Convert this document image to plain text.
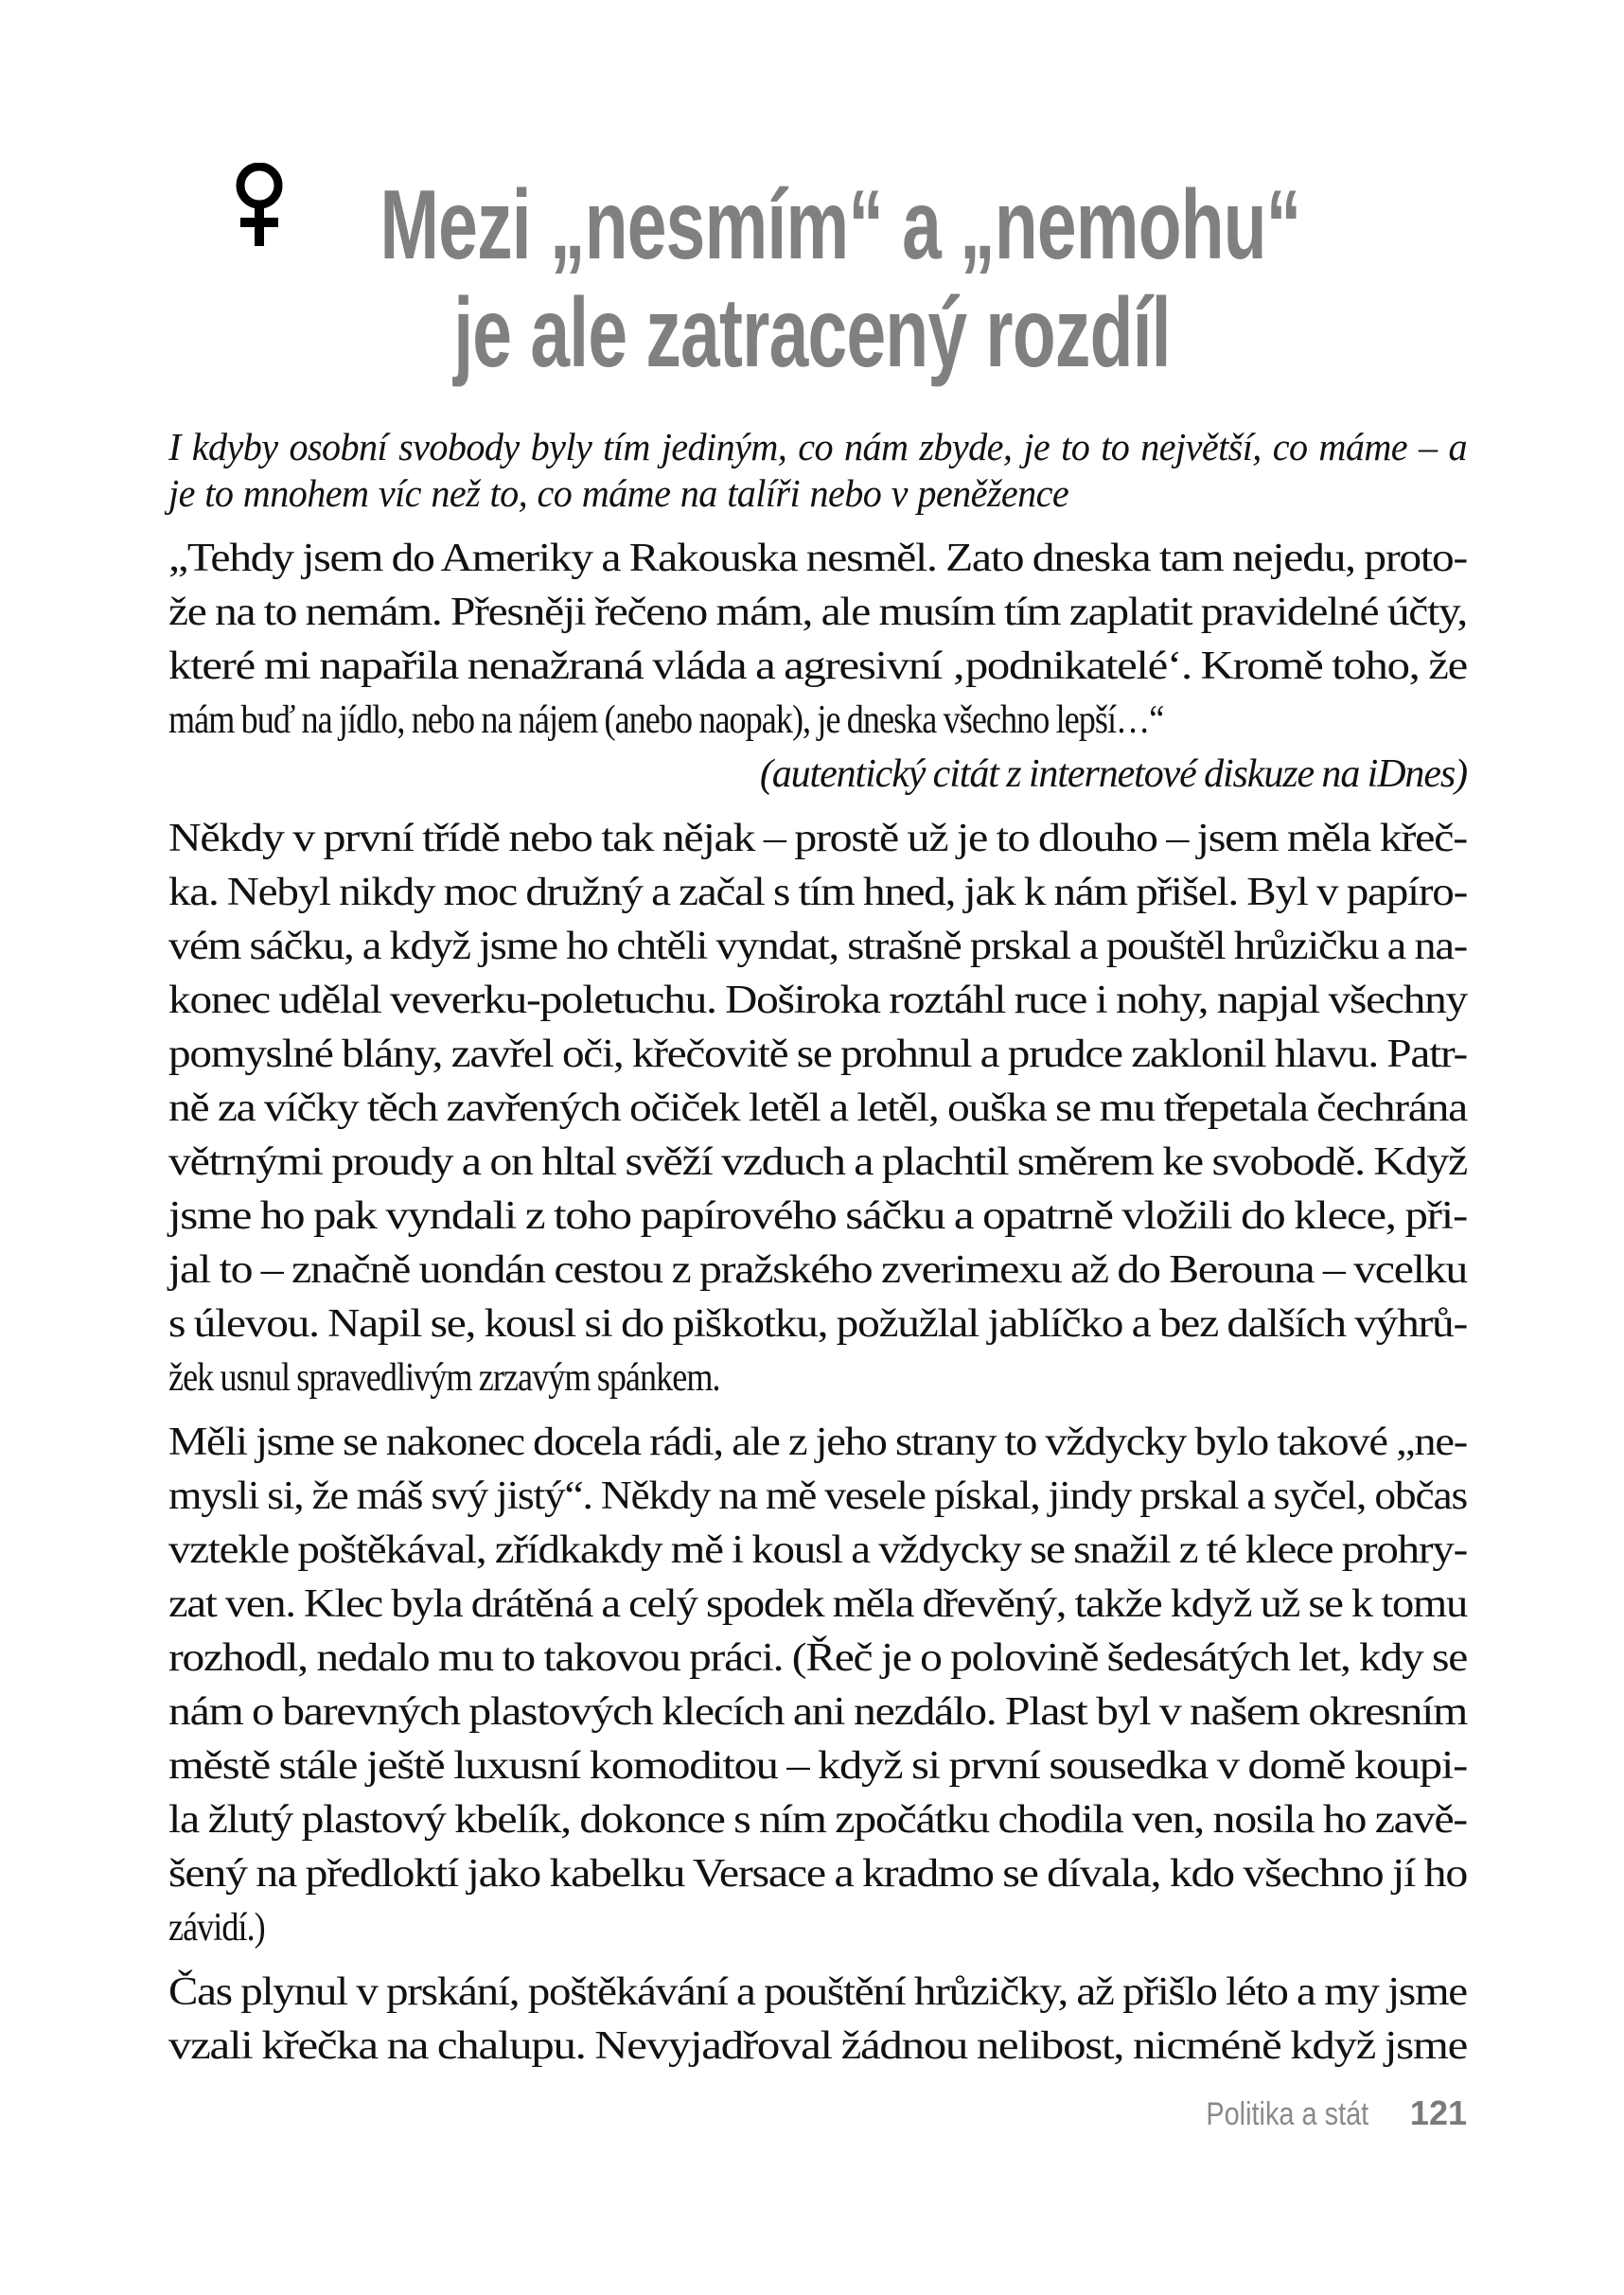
Mezi „nesmím“ a „nemohu“
je ale zatracený rozdíl

I kdyby osobní svobody byly tím jediným, co nám zbyde, je to to největší, co máme – a je to mnohem víc než to, co máme na talíři nebo v peněžence

„Tehdy jsem do Ameriky a Rakouska nesměl. Zato dneska tam nejedu, proto-
že na to nemám. Přesněji řečeno mám, ale musím tím zaplatit pravidelné účty,
které mi napařila nenažraná vláda a agresivní ‚podnikatelé‘. Kromě toho, že
mám buď na jídlo, nebo na nájem (anebo naopak), je dneska všechno lepší…“
(autentický citát z internetové diskuze na iDnes)
Někdy v první třídě nebo tak nějak – prostě už je to dlouho – jsem měla křeč-
ka. Nebyl nikdy moc družný a začal s tím hned, jak k nám přišel. Byl v papíro-
vém sáčku, a když jsme ho chtěli vyndat, strašně prskal a pouštěl hrůzičku a na-
konec udělal veverku-poletuchu. Doširoka roztáhl ruce i nohy, napjal všechny
pomyslné blány, zavřel oči, křečovitě se prohnul a prudce zaklonil hlavu. Patr-
ně za víčky těch zavřených očiček letěl a letěl, ouška se mu třepetala čechrána
větrnými proudy a on hltal svěží vzduch a plachtil směrem ke svobodě. Když
jsme ho pak vyndali z toho papírového sáčku a opatrně vložili do klece, při-
jal to – značně uondán cestou z pražského zverimexu až do Berouna – vcelku
s úlevou. Napil se, kousl si do piškotku, požužlal jablíčko a bez dalších výhrů-
žek usnul spravedlivým zrzavým spánkem.
Měli jsme se nakonec docela rádi, ale z jeho strany to vždycky bylo takové „ne-
mysli si, že máš svý jistý“. Někdy na mě vesele pískal, jindy prskal a syčel, občas
vztekle poštěkával, zřídkakdy mě i kousl a vždycky se snažil z té klece prohry-
zat ven. Klec byla drátěná a celý spodek měla dřevěný, takže když už se k tomu
rozhodl, nedalo mu to takovou práci. (Řeč je o polovině šedesátých let, kdy se
nám o barevných plastových klecích ani nezdálo. Plast byl v našem okresním
městě stále ještě luxusní komoditou – když si první sousedka v domě koupi-
la žlutý plastový kbelík, dokonce s ním zpočátku chodila ven, nosila ho zavě-
šený na předloktí jako kabelku Versace a kradmo se dívala, kdo všechno jí ho
závidí.)
Čas plynul v prskání, poštěkávání a pouštění hrůzičky, až přišlo léto a my jsme
vzali křečka na chalupu. Nevyjadřoval žádnou nelibost, nicméně když jsme
Politika a stát 121
